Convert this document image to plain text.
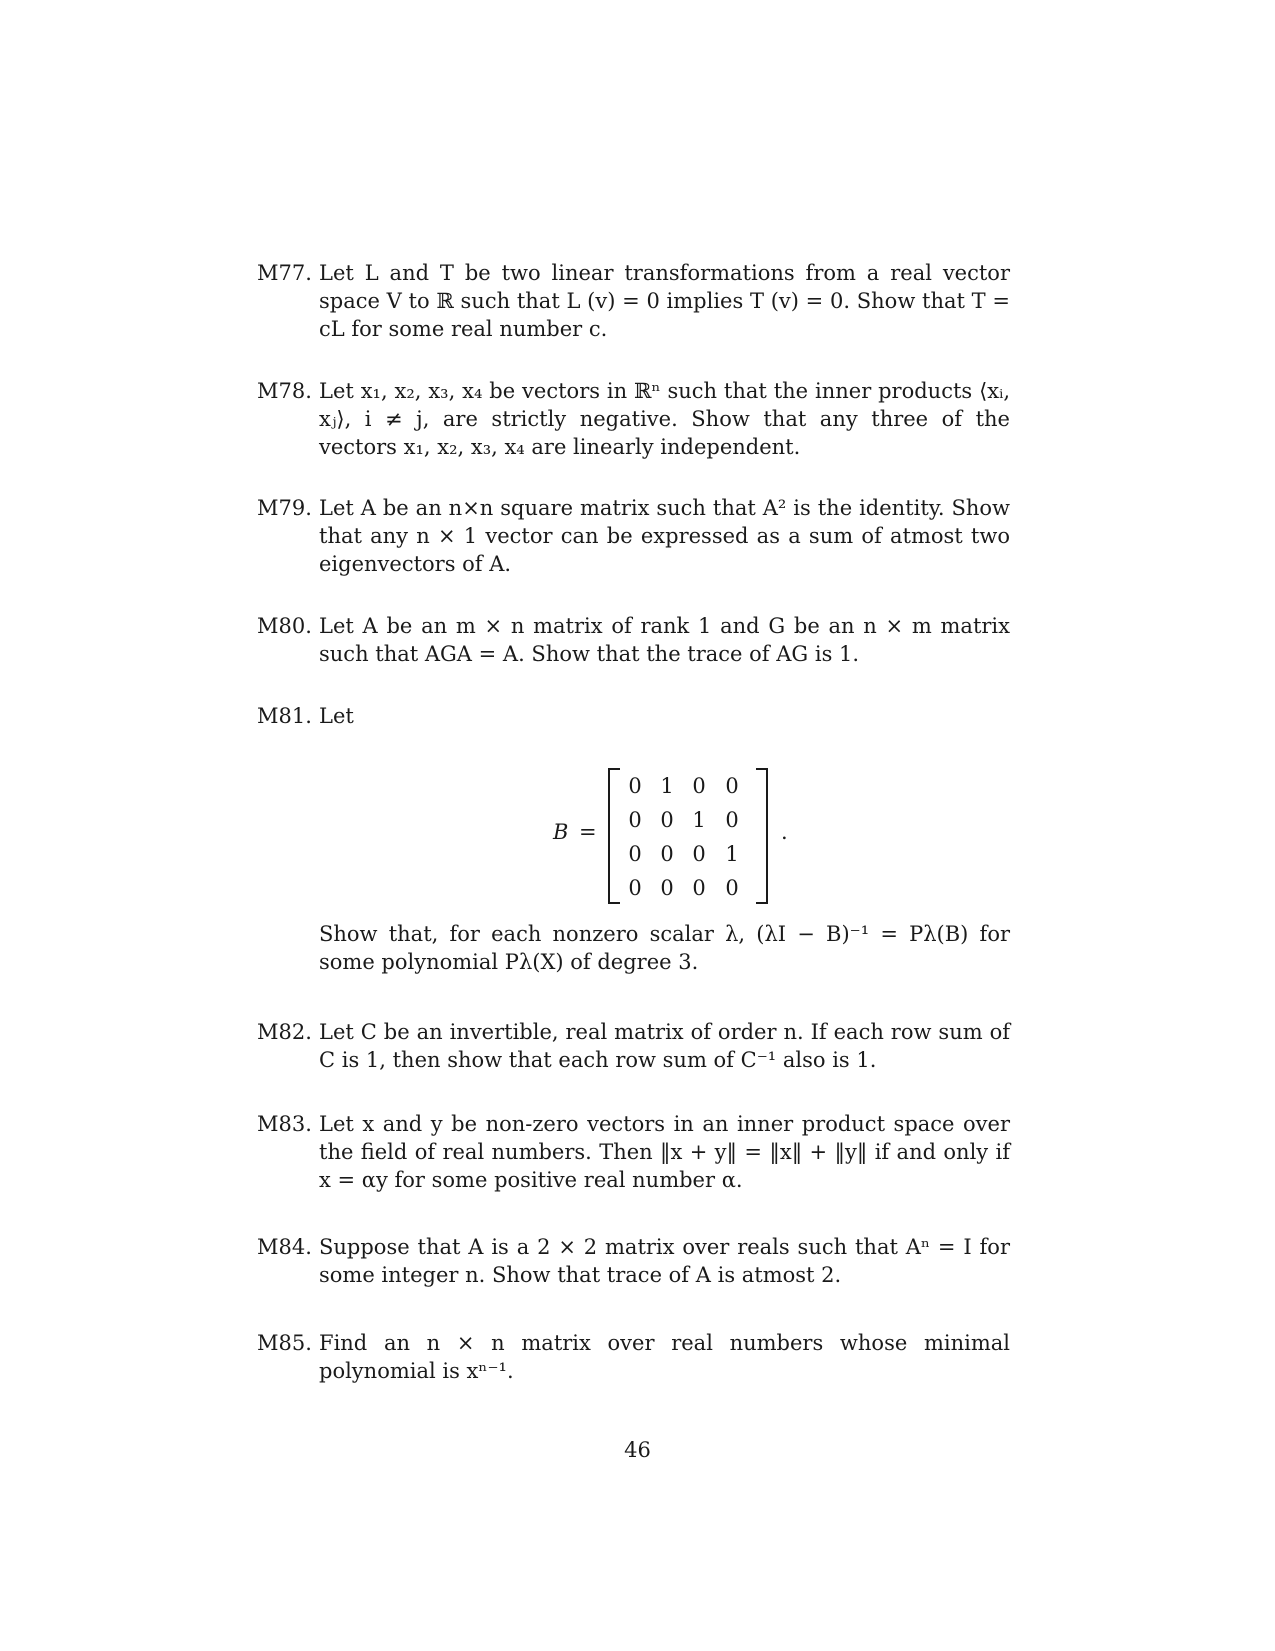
M77. Let L and T be two linear transformations from a real vector space V to ℝ such that L (v) = 0 implies T (v) = 0. Show that T = cL for some real number c.

M78. Let x₁, x₂, x₃, x₄ be vectors in ℝⁿ such that the inner products ⟨xᵢ, xⱼ⟩, i ≠ j, are strictly negative. Show that any three of the vectors x₁, x₂, x₃, x₄ are linearly independent.

M79. Let A be an n×n square matrix such that A² is the identity. Show that any n × 1 vector can be expressed as a sum of atmost two eigenvectors of A.

M80. Let A be an m × n matrix of rank 1 and G be an n × m matrix such that AGA = A. Show that the trace of AG is 1.

M81. Let

B =
0 1 0 0
0 0 1 0
0 0 0 1
0 0 0 0
.

Show that, for each nonzero scalar λ, (λI − B)⁻¹ = Pλ(B) for some polynomial Pλ(X) of degree 3.

M82. Let C be an invertible, real matrix of order n. If each row sum of C is 1, then show that each row sum of C⁻¹ also is 1.

M83. Let x and y be non-zero vectors in an inner product space over the field of real numbers. Then ‖x + y‖ = ‖x‖ + ‖y‖ if and only if x = αy for some positive real number α.

M84. Suppose that A is a 2 × 2 matrix over reals such that Aⁿ = I for some integer n. Show that trace of A is atmost 2.

M85. Find an n × n matrix over real numbers whose minimal polynomial is xⁿ⁻¹.

46
